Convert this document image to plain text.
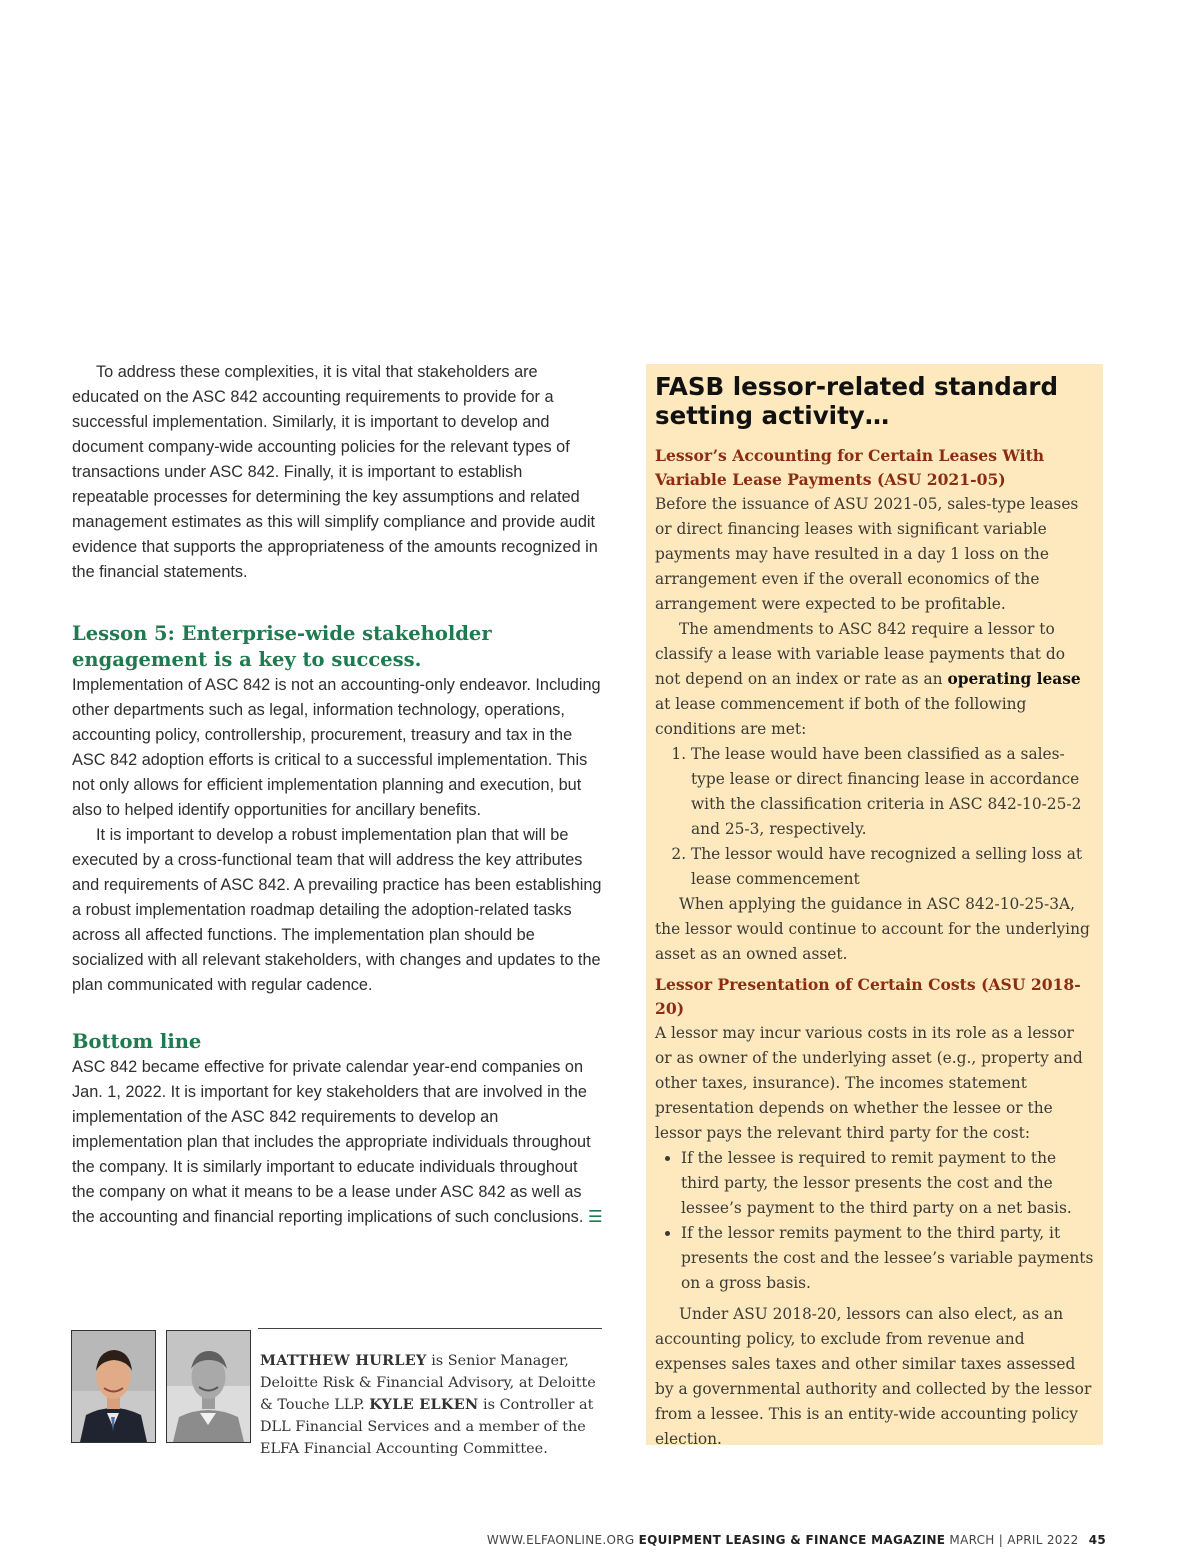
To address these complexities, it is vital that stakeholders are educated on the ASC 842 accounting requirements to provide for a successful implementation. Similarly, it is important to develop and document company-wide accounting policies for the relevant types of transactions under ASC 842. Finally, it is important to establish repeatable processes for determining the key assumptions and related management estimates as this will simplify compliance and provide audit evidence that supports the appropriateness of the amounts recognized in the financial statements.

Lesson 5: Enterprise-wide stakeholder engagement is a key to success.

Implementation of ASC 842 is not an accounting-only endeavor. Including other departments such as legal, information technology, operations, accounting policy, controllership, procurement, treasury and tax in the ASC 842 adoption efforts is critical to a successful implementation. This not only allows for efficient implementation planning and execution, but also to helped identify opportunities for ancillary benefits.

It is important to develop a robust implementation plan that will be executed by a cross-functional team that will address the key attributes and requirements of ASC 842. A prevailing practice has been establishing a robust implementation roadmap detailing the adoption-related tasks across all affected functions. The implementation plan should be socialized with all relevant stakeholders, with changes and updates to the plan communicated with regular cadence.

Bottom line

ASC 842 became effective for private calendar year-end companies on Jan. 1, 2022. It is important for key stakeholders that are involved in the implementation of the ASC 842 requirements to develop an implementation plan that includes the appropriate individuals throughout the company. It is similarly important to educate individuals throughout the company on what it means to be a lease under ASC 842 as well as the accounting and financial reporting implications of such conclusions. ☰

MATTHEW HURLEY is Senior Manager, Deloitte Risk & Financial Advisory, at Deloitte & Touche LLP. KYLE ELKEN is Controller at DLL Financial Services and a member of the ELFA Financial Accounting Committee.

FASB lessor-related standard setting activity…
Lessor’s Accounting for Certain Leases With Variable Lease Payments (ASU 2021-05)

Before the issuance of ASU 2021-05, sales-type leases or direct financing leases with significant variable payments may have resulted in a day 1 loss on the arrangement even if the overall economics of the arrangement were expected to be profitable.

The amendments to ASC 842 require a lessor to classify a lease with variable lease payments that do not depend on an index or rate as an operating lease at lease commencement if both of the following conditions are met:

1. The lease would have been classified as a sales-type lease or direct financing lease in accordance with the classification criteria in ASC 842-10-25-2 and 25-3, respectively.
2. The lessor would have recognized a selling loss at lease commencement

When applying the guidance in ASC 842-10-25-3A, the lessor would continue to account for the underlying asset as an owned asset.

Lessor Presentation of Certain Costs (ASU 2018-20)

A lessor may incur various costs in its role as a lessor or as owner of the underlying asset (e.g., property and other taxes, insurance). The incomes statement presentation depends on whether the lessee or the lessor pays the relevant third party for the cost:

• If the lessee is required to remit payment to the third party, the lessor presents the cost and the lessee’s payment to the third party on a net basis.
• If the lessor remits payment to the third party, it presents the cost and the lessee’s variable payments on a gross basis.

Under ASU 2018-20, lessors can also elect, as an accounting policy, to exclude from revenue and expenses sales taxes and other similar taxes assessed by a governmental authority and collected by the lessor from a lessee. This is an entity-wide accounting policy election.

WWW.ELFAONLINE.ORG EQUIPMENT LEASING & FINANCE MAGAZINE MARCH | APRIL 2022 45
